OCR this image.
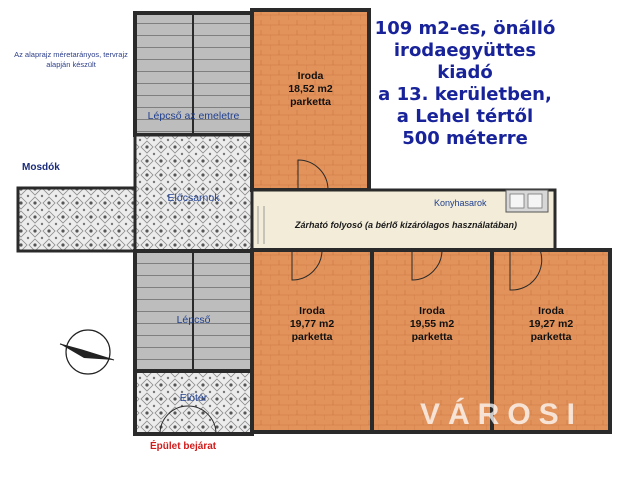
Az alaprajz méretarányos, tervrajz alapján készült
109 m2-es, önálló
irodaegyüttes
kiadó
a 13. kerületben,
a Lehel tértől
500 méterre
Mosdók
Lépcső az emeletre
Előcsarnok
Lépcső
Előtér
Épület bejárat
Konyhasarok
Zárható folyosó (a bérlő kizárólagos használatában)
Iroda
18,52 m2
parketta
Iroda
19,77 m2
parketta
Iroda
19,55 m2
parketta
Iroda
19,27 m2
parketta
VÁROSI
